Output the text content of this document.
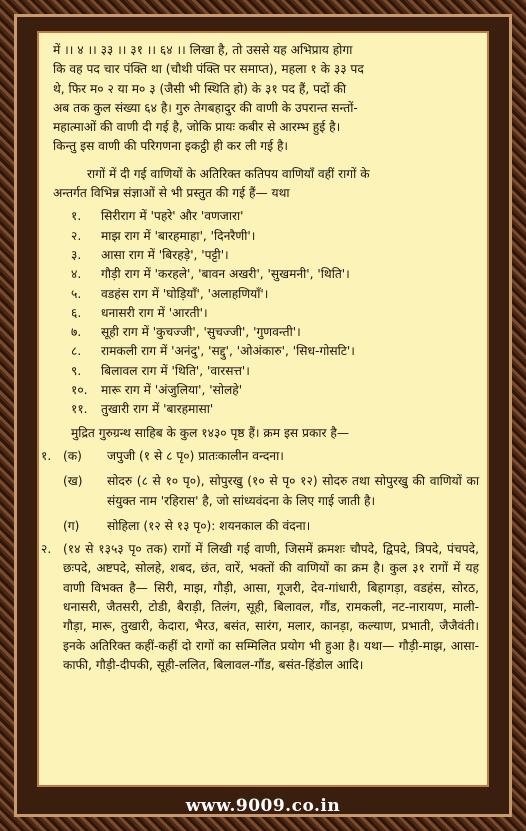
में ।। ४ ।। ३३ ।। ३१ ।। ६४ ।। लिखा है, तो उससे यह अभिप्राय होगा

कि वह पद चार पंक्ति था (चौथी पंक्ति पर समाप्त), महला १ के ३३ पद

थे, फिर म० २ या म० ३ (जैसी भी स्थिति हो) के ३१ पद हैं, पदों की

अब तक कुल संख्या ६४ है। गुरु तेगबहादुर की वाणी के उपरान्त सन्तों-

महात्माओं की वाणी दी गई है, जोकि प्रायः कबीर से आरम्भ हुई है।

किन्तु इस वाणी की परिगणना इकट्ठी ही कर ली गई है।

रागों में दी गई वाणियों के अतिरिक्त कतिपय वाणियाँ वहीं रागों के

अन्तर्गत विभिन्न संज्ञाओं से भी प्रस्तुत की गई हैं— यथा

१.	सिरीराग में 'पहरे' और 'वणजारा'
२.	माझ राग में 'बारहमाहा', 'दिनरैणी'।
३.	आसा राग में 'बिरहड़े', 'पट्टी'।
४.	गौड़ी राग में 'करहले', 'बावन अखरी', 'सुखमनी', 'थिति'।
५.	वडहंस राग में 'घोड़ियाँ', 'अलाहणियाँ'।
६.	धनासरी राग में 'आरती'।
७.	सूही राग में 'कुचज्जी', 'सुचज्जी', 'गुणवन्ती'।
८.	रामकली राग में 'अनंदु', 'सद्दु', 'ओअंकारु', 'सिध-गोसटि'।
९.	बिलावल राग में 'थिति', 'वारसत्त'।
१०.	मारू राग में 'अंजुलिया', 'सोलहे'
११.	तुखारी राग में 'बारहमासा'

मुद्रित गुरुग्रन्थ साहिब के कुल १४३० पृष्ठ हैं। क्रम इस प्रकार है—

१. (क)	जपुजी (१ से ८ पृ०) प्रातःकालीन वन्दना।
(ख)	सोदरु (८ से १० पृ०), सोपुरखु (१० से पृ० १२) सोदरु तथा सोपुरखु की वाणियों का संयुक्त नाम 'रहिरास' है, जो सांध्यवंदना के लिए गाई जाती है।
(ग)	सोहिला (१२ से १३ पृ०): शयनकाल की वंदना।
२. (१४ से १३५३ पृ० तक) रागों में लिखी गई वाणी, जिसमें क्रमशः चौपदे, द्विपदे, त्रिपदे, पंचपदे, छःपदे, अष्टपदे, सोलहे, शबद, छंत, वारें, भक्तों की वाणियों का क्रम है। कुल ३१ रागों में यह वाणी विभक्त है— सिरी, माझ, गौड़ी, आसा, गूजरी, देव-गांधारी, बिहागड़ा, वडहंस, सोरठ, धनासरी, जैतसरी, टोडी, बैराड़ी, तिलंग, सूही, बिलावल, गौंड, रामकली, नट-नारायण, माली-गौड़ा, मारू, तुखारी, केदारा, भैरउ, बसंत, सारंग, मलार, कानड़ा, कल्याण, प्रभाती, जैजैवंती। इनके अतिरिक्त कहीं-कहीं दो रागों का सम्मिलित प्रयोग भी हुआ है। यथा— गौड़ी-माझ, आसा-काफी, गौड़ी-दीपकी, सूही-ललित, बिलावल-गौंड, बसंत-हिंडोल आदि।
www.9009.co.in
